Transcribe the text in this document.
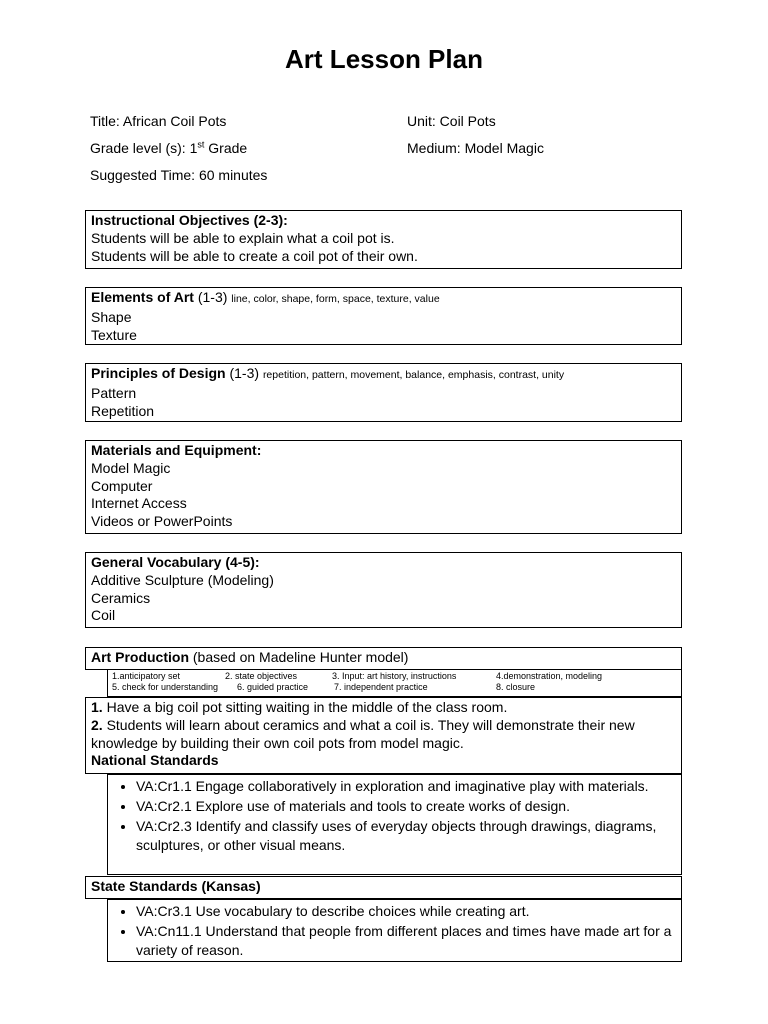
Art Lesson Plan
Title: African Coil Pots	Unit: Coil Pots
Grade level (s): 1st Grade	Medium: Model Magic
Suggested Time: 60 minutes
Instructional Objectives (2-3):
Students will be able to explain what a coil pot is.
Students will be able to create a coil pot of their own.
Elements of Art (1-3) line, color, shape, form, space, texture, value
Shape
Texture
Principles of Design (1-3) repetition, pattern, movement, balance, emphasis, contrast, unity
Pattern
Repetition
Materials and Equipment:
Model Magic
Computer
Internet Access
Videos or PowerPoints
General Vocabulary (4-5):
Additive Sculpture (Modeling)
Ceramics
Coil
Art Production (based on Madeline Hunter model)
1.anticipatory set	2. state objectives	3. Input: art history, instructions	4.demonstration, modeling
5. check for understanding 6. guided practice	7. independent practice	8. closure
1. Have a big coil pot sitting waiting in the middle of the class room.
2. Students will learn about ceramics and what a coil is. They will demonstrate their new
knowledge by building their own coil pots from model magic.
National Standards
• VA:Cr1.1 Engage collaboratively in exploration and imaginative play with materials.
• VA:Cr2.1 Explore use of materials and tools to create works of design.
• VA:Cr2.3 Identify and classify uses of everyday objects through drawings, diagrams, sculptures, or other visual means.
State Standards (Kansas)
• VA:Cr3.1 Use vocabulary to describe choices while creating art.
• VA:Cn11.1 Understand that people from different places and times have made art for a variety of reason.
